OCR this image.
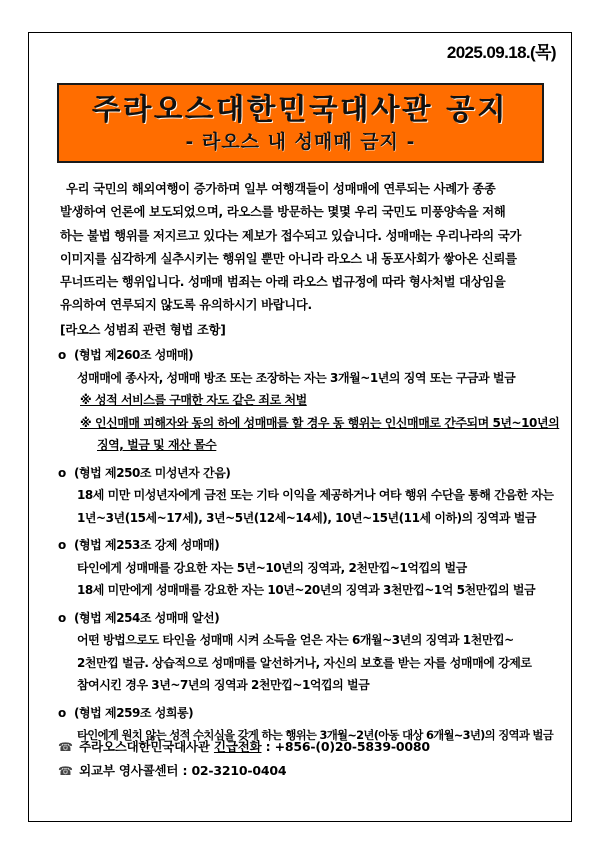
2025.09.18.(목)
주라오스대한민국대사관 공지
- 라오스 내 성매매 금지 -
우리 국민의 해외여행이 증가하며 일부 여행객들이 성매매에 연루되는 사례가 종종
발생하여 언론에 보도되었으며, 라오스를 방문하는 몇몇 우리 국민도 미풍양속을 저해
하는 불법 행위를 저지르고 있다는 제보가 접수되고 있습니다. 성매매는 우리나라의 국가
이미지를 심각하게 실추시키는 행위일 뿐만 아니라 라오스 내 동포사회가 쌓아온 신뢰를
무너뜨리는 행위입니다. 성매매 범죄는 아래 라오스 법규정에 따라 형사처벌 대상임을
유의하여 연루되지 않도록 유의하시기 바랍니다.
[라오스 성범죄 관련 형법 조항]
o (형법 제260조 성매매)
성매매에 종사자, 성매매 방조 또는 조장하는 자는 3개월~1년의 징역 또는 구금과 벌금
※ 성적 서비스를 구매한 자도 같은 죄로 처벌
※ 인신매매 피해자와 동의 하에 성매매를 할 경우 동 행위는 인신매매로 간주되며 5년~10년의
징역, 벌금 및 재산 몰수
o (형법 제250조 미성년자 간음)
18세 미만 미성년자에게 금전 또는 기타 이익을 제공하거나 여타 행위 수단을 통해 간음한 자는
1년~3년(15세~17세), 3년~5년(12세~14세), 10년~15년(11세 이하)의 징역과 벌금
o (형법 제253조 강제 성매매)
타인에게 성매매를 강요한 자는 5년~10년의 징역과, 2천만낍~1억낍의 벌금
18세 미만에게 성매매를 강요한 자는 10년~20년의 징역과 3천만낍~1억 5천만낍의 벌금
o (형법 제254조 성매매 알선)
어떤 방법으로도 타인을 성매매 시켜 소득을 얻은 자는 6개월~3년의 징역과 1천만낍~
2천만낍 벌금. 상습적으로 성매매를 알선하거나, 자신의 보호를 받는 자를 성매매에 강제로
참여시킨 경우 3년~7년의 징역과 2천만낍~1억낍의 벌금
o (형법 제259조 성희롱)
타인에게 원치 않는 성적 수치심을 갖게 하는 행위는 3개월~2년(아동 대상 6개월~3년)의 징역과 벌금
☎ 주라오스대한민국대사관 긴급전화 : +856-(0)20-5839-0080
☎ 외교부 영사콜센터 : 02-3210-0404
